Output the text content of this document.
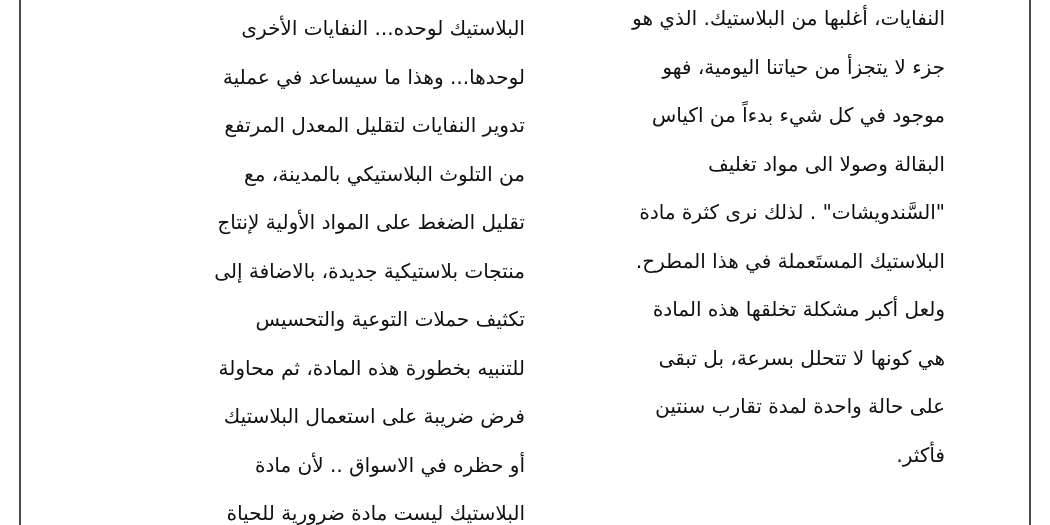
النفايات، أغلبها من البلاستيك. الذي هو
جزء لا يتجزأ من حياتنا اليومية، فهو
موجود في كل شيء بدءاً من اكياس
البقالة وصولا الى مواد تغليف
"السَّندويشات" . لذلك نرى كثرة مادة
البلاستيك المستَعملة في هذا المطرح.
ولعل أكبر مشكلة تخلقها هذه المادة
هي كونها لا تتحلل بسرعة، بل تبقى
على حالة واحدة لمدة تقارب سنتين
فأكثر.
البلاستيك لوحده... النفايات الأخرى
لوحدها... وهذا ما سيساعد في عملية
تدوير النفايات لتقليل المعدل المرتفع
من التلوث البلاستيكي بالمدينة، مع
تقليل الضغط على المواد الأولية لإنتاج
منتجات بلاستيكية جديدة، بالاضافة إلى
تكثيف حملات التوعية والتحسيس
للتنبيه بخطورة هذه المادة، ثم محاولة
فرض ضريبة على استعمال البلاستيك
أو حظره في الاسواق .. لأن مادة
البلاستيك ليست مادة ضرورية للحياة
